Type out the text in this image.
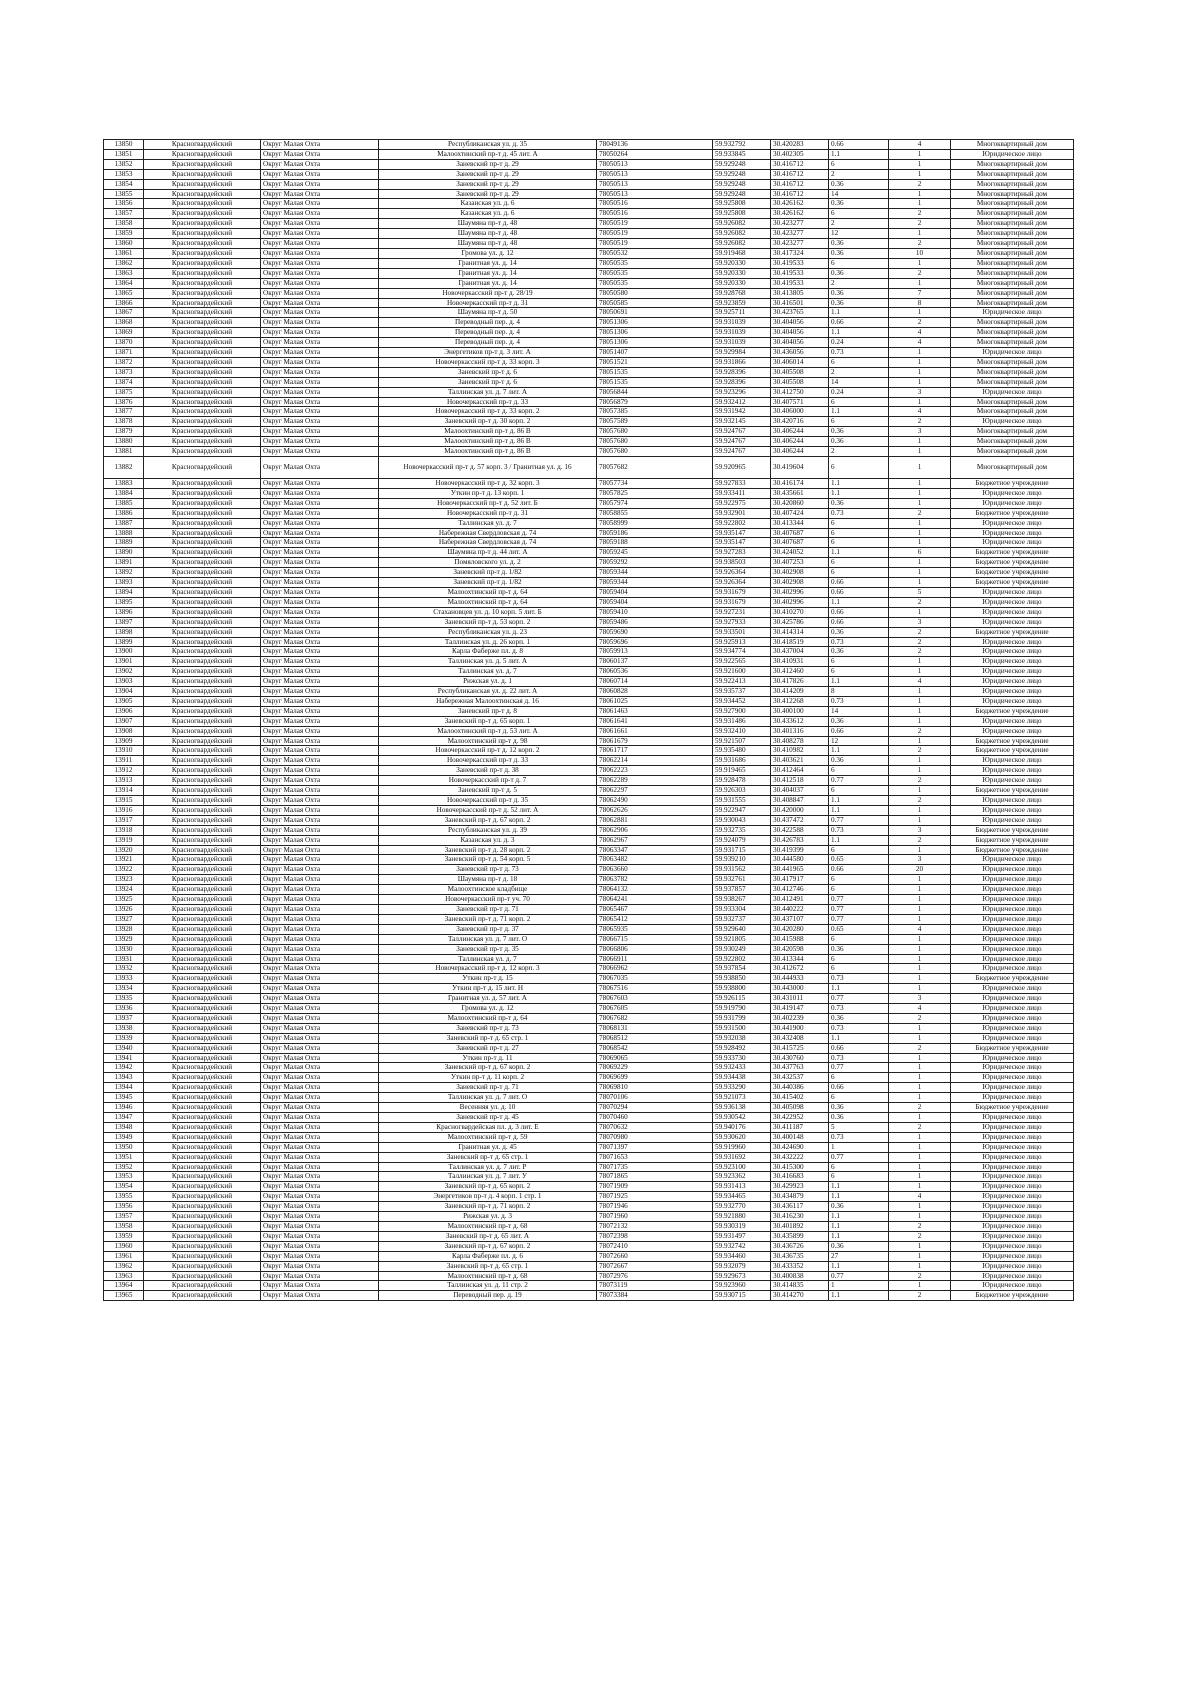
13850	Красногвардейский	Округ Малая Охта	Республиканская ул. д. 35	78049136	59.932792	30.420283	0.66	4	Многоквартирный дом
13851	Красногвардейский	Округ Малая Охта	Малоохтинский пр-т д. 45 лит. А	78050264	59.933845	30.402305	1.1	1	Юридическое лицо
13852	Красногвардейский	Округ Малая Охта	Заневский пр-т д. 29	78050513	59.929248	30.416712	6	1	Многоквартирный дом
13853	Красногвардейский	Округ Малая Охта	Заневский пр-т д. 29	78050513	59.929248	30.416712	2	1	Многоквартирный дом
13854	Красногвардейский	Округ Малая Охта	Заневский пр-т д. 29	78050513	59.929248	30.416712	0.36	2	Многоквартирный дом
13855	Красногвардейский	Округ Малая Охта	Заневский пр-т д. 29	78050513	59.929248	30.416712	14	1	Многоквартирный дом
13856	Красногвардейский	Округ Малая Охта	Казанская ул. д. 6	78050516	59.925808	30.426162	0.36	1	Многоквартирный дом
13857	Красногвардейский	Округ Малая Охта	Казанская ул. д. 6	78050516	59.925808	30.426162	6	2	Многоквартирный дом
13858	Красногвардейский	Округ Малая Охта	Шаумяна пр-т д. 48	78050519	59.926082	30.423277	2	2	Многоквартирный дом
13859	Красногвардейский	Округ Малая Охта	Шаумяна пр-т д. 48	78050519	59.926082	30.423277	12	1	Многоквартирный дом
13860	Красногвардейский	Округ Малая Охта	Шаумяна пр-т д. 48	78050519	59.926082	30.423277	0.36	2	Многоквартирный дом
13861	Красногвардейский	Округ Малая Охта	Громова ул. д. 12	78050532	59.919468	30.417324	0.36	10	Многоквартирный дом
13862	Красногвардейский	Округ Малая Охта	Гранитная ул. д. 14	78050535	59.920330	30.419533	6	1	Многоквартирный дом
13863	Красногвардейский	Округ Малая Охта	Гранитная ул. д. 14	78050535	59.920330	30.419533	0.36	2	Многоквартирный дом
13864	Красногвардейский	Округ Малая Охта	Гранитная ул. д. 14	78050535	59.920330	30.419533	2	1	Многоквартирный дом
13865	Красногвардейский	Округ Малая Охта	Новочеркасский пр-т д. 28/19	78050580	59.928768	30.413805	0.36	7	Многоквартирный дом
13866	Красногвардейский	Округ Малая Охта	Новочеркасский пр-т д. 31	78050585	59.923859	30.416501	0.36	8	Многоквартирный дом
13867	Красногвардейский	Округ Малая Охта	Шаумяна пр-т д. 50	78050691	59.925711	30.423765	1.1	1	Юридическое лицо
13868	Красногвардейский	Округ Малая Охта	Переводный пер. д. 4	78051306	59.931039	30.404056	0.66	2	Многоквартирный дом
13869	Красногвардейский	Округ Малая Охта	Переводный пер. д. 4	78051306	59.931039	30.404056	1.1	4	Многоквартирный дом
13870	Красногвардейский	Округ Малая Охта	Переводный пер. д. 4	78051306	59.931039	30.404056	0.24	4	Многоквартирный дом
13871	Красногвардейский	Округ Малая Охта	Энергетиков пр-т д. 3 лит. А	78051407	59.929984	30.436056	0.73	1	Юридическое лицо
13872	Красногвардейский	Округ Малая Охта	Новочеркасский пр-т д. 33 корп. 3	78051521	59.931866	30.406014	6	1	Многоквартирный дом
13873	Красногвардейский	Округ Малая Охта	Заневский пр-т д. 6	78051535	59.928396	30.405508	2	1	Многоквартирный дом
13874	Красногвардейский	Округ Малая Охта	Заневский пр-т д. 6	78051535	59.928396	30.405508	14	1	Многоквартирный дом
13875	Красногвардейский	Округ Малая Охта	Таллинская ул. д. 7 лит. А	78056844	59.923296	30.412750	0.24	3	Юридическое лицо
13876	Красногвардейский	Округ Малая Охта	Новочеркасский пр-т д. 33	78056879	59.932412	30.407571	6	1	Многоквартирный дом
13877	Красногвардейский	Округ Малая Охта	Новочеркасский пр-т д. 33 корп. 2	78057385	59.931942	30.406000	1.1	4	Многоквартирный дом
13878	Красногвардейский	Округ Малая Охта	Заневский пр-т д. 30 корп. 2	78057589	59.932145	30.420716	6	2	Юридическое лицо
13879	Красногвардейский	Округ Малая Охта	Малоохтинский пр-т д. 86 В	78057680	59.924767	30.406244	0.36	3	Многоквартирный дом
13880	Красногвардейский	Округ Малая Охта	Малоохтинский пр-т д. 86 В	78057680	59.924767	30.406244	0.36	1	Многоквартирный дом
13881	Красногвардейский	Округ Малая Охта	Малоохтинский пр-т д. 86 В	78057680	59.924767	30.406244	2	1	Многоквартирный дом
13882	Красногвардейский	Округ Малая Охта	Новочеркасский пр-т д. 57 корп. 3 / Гранитная ул. д. 16	78057682	59.920965	30.419604	6	1	Многоквартирный дом
13883	Красногвардейский	Округ Малая Охта	Новочеркасский пр-т д. 32 корп. 3	78057734	59.927833	30.416174	1.1	1	Бюджетное учреждение
13884	Красногвардейский	Округ Малая Охта	Уткин пр-т д. 13 корп. 1	78057825	59.933411	30.435661	1.1	1	Юридическое лицо
13885	Красногвардейский	Округ Малая Охта	Новочеркасский пр-т д. 52 лит. Б	78057974	59.922975	30.420860	0.36	1	Юридическое лицо
13886	Красногвардейский	Округ Малая Охта	Новочеркасский пр-т д. 31	78058855	59.932901	30.407424	0.73	2	Бюджетное учреждение
13887	Красногвардейский	Округ Малая Охта	Таллинская ул. д. 7	78058999	59.922802	30.413344	6	1	Юридическое лицо
13888	Красногвардейский	Округ Малая Охта	Набережная Свердловская д. 74	78059186	59.935147	30.407687	6	1	Юридическое лицо
13889	Красногвардейский	Округ Малая Охта	Набережная Свердловская д. 74	78059188	59.935147	30.407687	6	1	Юридическое лицо
13890	Красногвардейский	Округ Малая Охта	Шаумяна пр-т д. 44 лит. А	78059245	59.927283	30.424052	1.1	6	Бюджетное учреждение
13891	Красногвардейский	Округ Малая Охта	Помяловского ул. д. 2	78059292	59.938503	30.407253	6	1	Бюджетное учреждение
13892	Красногвардейский	Округ Малая Охта	Заневский пр-т д. 1/82	78059344	59.926364	30.402908	6	1	Бюджетное учреждение
13893	Красногвардейский	Округ Малая Охта	Заневский пр-т д. 1/82	78059344	59.926364	30.402908	0.66	1	Бюджетное учреждение
13894	Красногвардейский	Округ Малая Охта	Малоохтинский пр-т д. 64	78059404	59.931679	30.402996	0.66	5	Юридическое лицо
13895	Красногвардейский	Округ Малая Охта	Малоохтинский пр-т д. 64	78059404	59.931679	30.402996	1.1	2	Юридическое лицо
13896	Красногвардейский	Округ Малая Охта	Стахановцев ул. д. 10 корп. 5 лит. Б	78059410	59.927231	30.410270	0.66	1	Юридическое лицо
13897	Красногвардейский	Округ Малая Охта	Заневский пр-т д. 53 корп. 2	78059486	59.927933	30.425786	0.66	3	Юридическое лицо
13898	Красногвардейский	Округ Малая Охта	Республиканская ул. д. 23	78059690	59.933501	30.414314	0.36	2	Бюджетное учреждение
13899	Красногвардейский	Округ Малая Охта	Таллинская ул. д. 26 корп. 1	78059696	59.925913	30.418519	0.73	2	Юридическое лицо
13900	Красногвардейский	Округ Малая Охта	Карла Фаберже пл. д. 8	78059913	59.934774	30.437004	0.36	2	Юридическое лицо
13901	Красногвардейский	Округ Малая Охта	Таллинская ул. д. 5 лит. А	78060137	59.922565	30.410931	6	1	Юридическое лицо
13902	Красногвардейский	Округ Малая Охта	Таллинская ул. д. 7	78060536	59.921600	30.412460	6	1	Юридическое лицо
13903	Красногвардейский	Округ Малая Охта	Рижская ул. д. 1	78060714	59.922413	30.417826	1.1	4	Юридическое лицо
13904	Красногвардейский	Округ Малая Охта	Республиканская ул. д. 22 лит. А	78060828	59.935737	30.414209	8	1	Юридическое лицо
13905	Красногвардейский	Округ Малая Охта	Набережная Малоохтинская д. 16	78061025	59.934452	30.412268	0.73	1	Юридическое лицо
13906	Красногвардейский	Округ Малая Охта	Заневский пр-т д. 8	78061463	59.927900	30.400100	14	1	Бюджетное учреждение
13907	Красногвардейский	Округ Малая Охта	Заневский пр-т д. 65 корп. 1	78061641	59.931486	30.433612	0.36	1	Юридическое лицо
13908	Красногвардейский	Округ Малая Охта	Малоохтинский пр-т д. 53 лит. А	78061661	59.932410	30.401316	0.66	2	Юридическое лицо
13909	Красногвардейский	Округ Малая Охта	Малоохтинский пр-т д. 98	78061679	59.921507	30.408278	12	1	Бюджетное учреждение
13910	Красногвардейский	Округ Малая Охта	Новочеркасский пр-т д. 12 корп. 2	78061717	59.935480	30.410982	1.1	2	Бюджетное учреждение
13911	Красногвардейский	Округ Малая Охта	Новочеркасский пр-т д. 33	78062214	59.931686	30.403621	0.36	1	Юридическое лицо
13912	Красногвардейский	Округ Малая Охта	Заневский пр-т д. 38	78062223	59.919465	30.412464	6	1	Юридическое лицо
13913	Красногвардейский	Округ Малая Охта	Новочеркасский пр-т д. 7	78062289	59.928478	30.412518	0.77	2	Юридическое лицо
13914	Красногвардейский	Округ Малая Охта	Заневский пр-т д. 5	78062297	59.926303	30.404037	6	1	Бюджетное учреждение
13915	Красногвардейский	Округ Малая Охта	Новочеркасский пр-т д. 35	78062490	59.931555	30.408847	1.1	2	Юридическое лицо
13916	Красногвардейский	Округ Малая Охта	Новочеркасский пр-т д. 52 лит. А	78062626	59.922947	30.420000	1.1	1	Юридическое лицо
13917	Красногвардейский	Округ Малая Охта	Заневский пр-т д. 67 корп. 2	78062881	59.930043	30.437472	0.77	1	Юридическое лицо
13918	Красногвардейский	Округ Малая Охта	Республиканская ул. д. 39	78062906	59.932735	30.422588	0.73	3	Бюджетное учреждение
13919	Красногвардейский	Округ Малая Охта	Казанская ул. д. 3	78062967	59.924079	30.426783	1.1	2	Бюджетное учреждение
13920	Красногвардейский	Округ Малая Охта	Заневский пр-т д. 28 корп. 2	78063347	59.931715	30.419399	6	1	Бюджетное учреждение
13921	Красногвардейский	Округ Малая Охта	Заневский пр-т д. 54 корп. 5	78063482	59.939210	30.444580	0.65	3	Юридическое лицо
13922	Красногвардейский	Округ Малая Охта	Заневский пр-т д. 73	78063660	59.931562	30.441965	0.66	20	Юридическое лицо
13923	Красногвардейский	Округ Малая Охта	Шаумяна пр-т д. 18	78063782	59.932761	30.417917	6	1	Юридическое лицо
13924	Красногвардейский	Округ Малая Охта	Малоохтинское кладбище	78064132	59.937857	30.412746	6	1	Юридическое лицо
13925	Красногвардейский	Округ Малая Охта	Новочеркасский пр-т уч. 70	78064241	59.938267	30.412491	0.77	1	Юридическое лицо
13926	Красногвардейский	Округ Малая Охта	Заневский пр-т д. 71	78065467	59.933304	30.440222	0.77	1	Юридическое лицо
13927	Красногвардейский	Округ Малая Охта	Заневский пр-т д. 71 корп. 2	78065412	59.932737	30.437107	0.77	1	Юридическое лицо
13928	Красногвардейский	Округ Малая Охта	Заневский пр-т д. 37	78065935	59.929640	30.420280	0.65	4	Юридическое лицо
13929	Красногвардейский	Округ Малая Охта	Таллинская ул. д. 7 лит. О	78066715	59.921805	30.415988	6	1	Юридическое лицо
13930	Красногвардейский	Округ Малая Охта	Заневский пр-т д. 35	78066806	59.930249	30.420598	0.36	1	Юридическое лицо
13931	Красногвардейский	Округ Малая Охта	Таллинская ул. д. 7	78066911	59.922802	30.413344	6	1	Юридическое лицо
13932	Красногвардейский	Округ Малая Охта	Новочеркасский пр-т д. 12 корп. 3	78066962	59.937854	30.412672	6	1	Юридическое лицо
13933	Красногвардейский	Округ Малая Охта	Уткин пр-т д. 15	78067035	59.938850	30.444933	0.73	1	Бюджетное учреждение
13934	Красногвардейский	Округ Малая Охта	Уткин пр-т д. 15 лит. Н	78067516	59.938800	30.443000	1.1	1	Юридическое лицо
13935	Красногвардейский	Округ Малая Охта	Гранитная ул. д. 57 лит. А	78067603	59.926115	30.431011	0.77	3	Юридическое лицо
13936	Красногвардейский	Округ Малая Охта	Громова ул. д. 12	78067605	59.919790	30.419147	0.73	4	Юридическое лицо
13937	Красногвардейский	Округ Малая Охта	Малоохтинский пр-т д. 64	78067682	59.931799	30.402239	0.36	2	Юридическое лицо
13938	Красногвардейский	Округ Малая Охта	Заневский пр-т д. 73	78068131	59.931500	30.441900	0.73	1	Юридическое лицо
13939	Красногвардейский	Округ Малая Охта	Заневский пр-т д. 65 стр. 1	78068512	59.932038	30.432408	1.1	1	Юридическое лицо
13940	Красногвардейский	Округ Малая Охта	Заневский пр-т д. 27	78068542	59.928492	30.415725	0.66	2	Бюджетное учреждение
13941	Красногвардейский	Округ Малая Охта	Уткин пр-т д. 11	78069065	59.933730	30.430760	0.73	1	Юридическое лицо
13942	Красногвардейский	Округ Малая Охта	Заневский пр-т д. 67 корп. 2	78069229	59.932433	30.437763	0.77	1	Юридическое лицо
13943	Красногвардейский	Округ Малая Охта	Уткин пр-т д. 11 корп. 2	78069699	59.934438	30.432537	6	1	Юридическое лицо
13944	Красногвардейский	Округ Малая Охта	Заневский пр-т д. 71	78069810	59.933290	30.440386	0.66	1	Юридическое лицо
13945	Красногвардейский	Округ Малая Охта	Таллинская ул. д. 7 лит. О	78070106	59.921073	30.415402	6	1	Юридическое лицо
13946	Красногвардейский	Округ Малая Охта	Весенняя ул. д. 10	78070294	59.936138	30.405098	0.36	2	Бюджетное учреждение
13947	Красногвардейский	Округ Малая Охта	Заневский пр-т д. 45	78070460	59.930542	30.422952	0.36	1	Юридическое лицо
13948	Красногвардейский	Округ Малая Охта	Красногвардейская пл. д. 3 лит. Е	78070632	59.940176	30.411187	5	2	Юридическое лицо
13949	Красногвардейский	Округ Малая Охта	Малоохтинский пр-т д. 59	78070980	59.930620	30.400148	0.73	1	Юридическое лицо
13950	Красногвардейский	Округ Малая Охта	Гранитная ул. д. 45	78071397	59.919960	30.424690	1	1	Юридическое лицо
13951	Красногвардейский	Округ Малая Охта	Заневский пр-т д. 65 стр. 1	78071653	59.931692	30.432222	0.77	1	Юридическое лицо
13952	Красногвардейский	Округ Малая Охта	Таллинская ул. д. 7 лит. Р	78071735	59.923100	30.415300	6	1	Юридическое лицо
13953	Красногвардейский	Округ Малая Охта	Таллинская ул. д. 7 лит. У	78071865	59.923362	30.416683	6	1	Юридическое лицо
13954	Красногвардейский	Округ Малая Охта	Заневский пр-т д. 65 корп. 2	78071909	59.931413	30.429923	1.1	1	Юридическое лицо
13955	Красногвардейский	Округ Малая Охта	Энергетиков пр-т д. 4 корп. 1 стр. 1	78071925	59.934465	30.434879	1.1	4	Юридическое лицо
13956	Красногвардейский	Округ Малая Охта	Заневский пр-т д. 71 корп. 2	78071946	59.932770	30.436117	0.36	1	Юридическое лицо
13957	Красногвардейский	Округ Малая Охта	Рижская ул. д. 3	78071960	59.921880	30.416230	1.1	1	Юридическое лицо
13958	Красногвардейский	Округ Малая Охта	Малоохтинский пр-т д. 68	78072132	59.930319	30.401892	1.1	2	Юридическое лицо
13959	Красногвардейский	Округ Малая Охта	Заневский пр-т д. 65 лит. А	78072398	59.931497	30.435899	1.1	2	Юридическое лицо
13960	Красногвардейский	Округ Малая Охта	Заневский пр-т д. 67 корп. 2	78072410	59.932742	30.436726	0.36	1	Юридическое лицо
13961	Красногвардейский	Округ Малая Охта	Карла Фаберже пл. д. 6	78072660	59.934460	30.436735	27	1	Юридическое лицо
13962	Красногвардейский	Округ Малая Охта	Заневский пр-т д. 65 стр. 1	78072667	59.932079	30.433352	1.1	1	Юридическое лицо
13963	Красногвардейский	Округ Малая Охта	Малоохтинский пр-т д. 68	78072976	59.929673	30.400838	0.77	2	Юридическое лицо
13964	Красногвардейский	Округ Малая Охта	Таллинская ул. д. 11 стр. 2	78073119	59.923960	30.414835	1	1	Юридическое лицо
13965	Красногвардейский	Округ Малая Охта	Переводный пер. д. 19	78073384	59.930715	30.414270	1.1	2	Бюджетное учреждение
